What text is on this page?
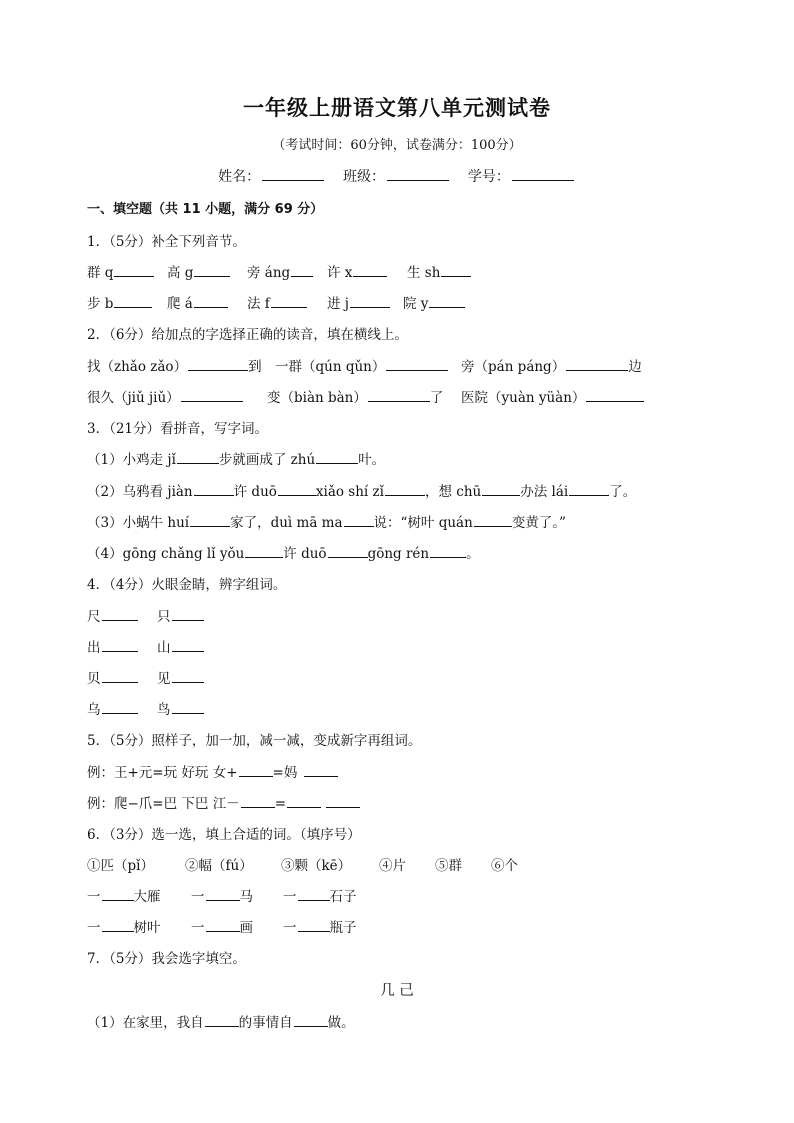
一年级上册语文第八单元测试卷
（考试时间：60分钟，试卷满分：100分）
姓名：	班级：	学号：
一、填空题（共 11 小题，满分 69 分）
1．（5分）补全下列音节。
群 q	高 g	旁 áng	许 x	生 sh
步 b	爬 á	法 f	进 j	院 y
2．（6分）给加点的字选择正确的读音，填在横线上。
找（zhǎo zǎo）	到 一群（qún qǔn）	旁（pán páng）	边
很久（jiǔ jiǔ）	变（biàn bàn）	了 医院（yuàn yüàn）
3．（21分）看拼音，写字词。
（1）小鸡走 jǐ	步就画成了 zhú	叶。
（2）乌鸦看 jiàn	许 duō	xiǎo shí zǐ	，想 chū	办法 lái	了。
（3）小蜗牛 huí	家了，duì mā ma 说：“树叶 quán	变黄了。”
（4）gōng chǎng lǐ yǒu	许 duō	gōng rén	。
4．（4分）火眼金睛，辨字组词。
尺	只
出	山
贝	见
乌	鸟
5．（5分）照样子，加一加，减一减，变成新字再组词。
例：王+元=玩 好玩 女+	=妈
例：爬−爪=巴 下巴 江－	=
6．（3分）选一选，填上合适的词。（填序号）
①匹（pǐ） ②幅（fú） ③颗（kē） ④片 ⑤群 ⑥个
一 大雁 一	马 一 石子
一 树叶 一	画 一 瓶子
7．（5分）我会选字填空。
几 己
（1）在家里，我自	的事情自	做。
